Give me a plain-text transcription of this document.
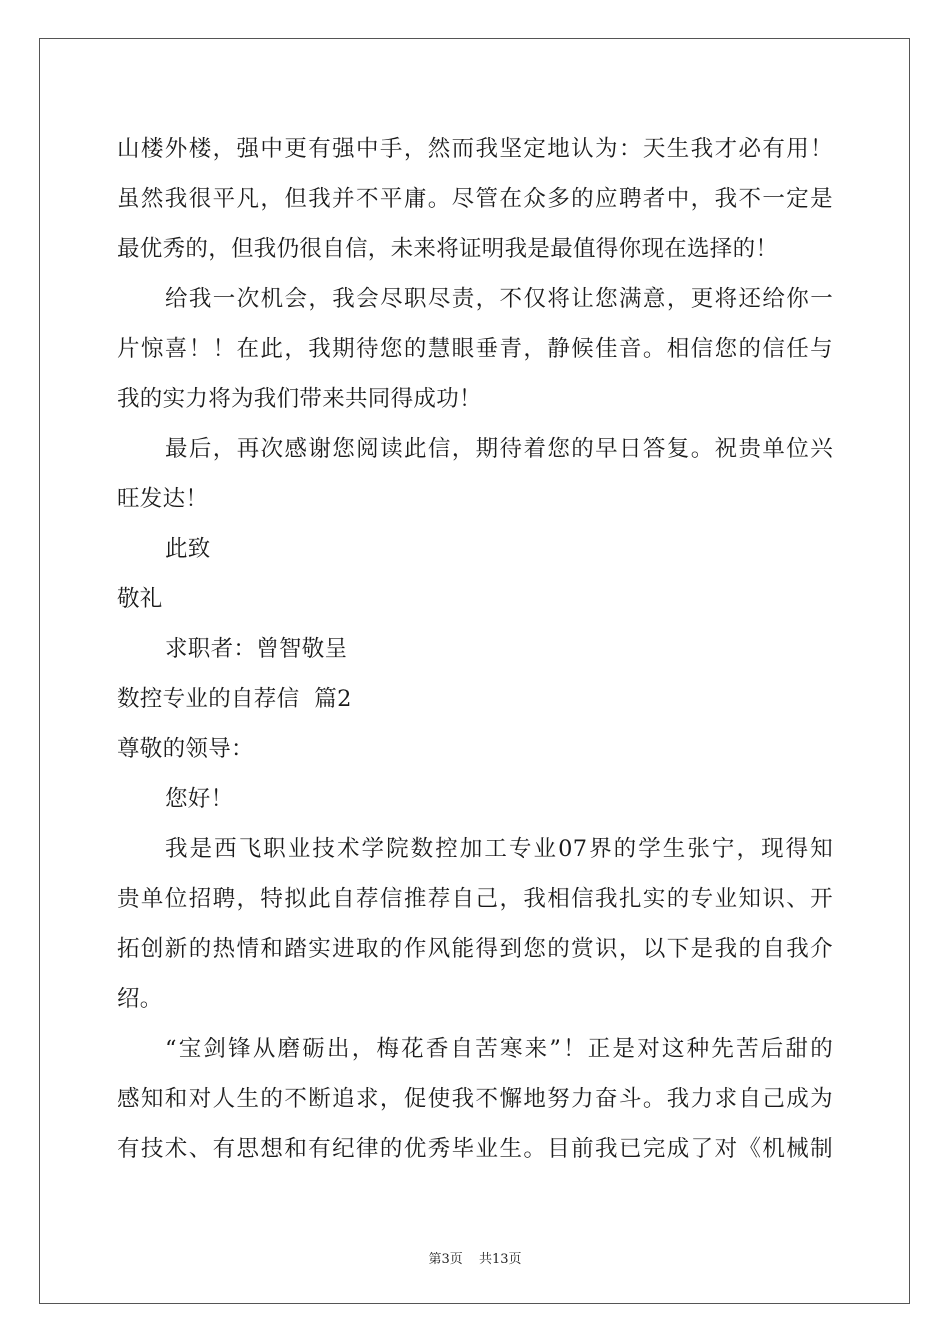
山楼外楼，强中更有强中手，然而我坚定地认为：天生我才必有用！
虽然我很平凡，但我并不平庸。尽管在众多的应聘者中，我不一定是
最优秀的，但我仍很自信，未来将证明我是最值得你现在选择的！
给我一次机会，我会尽职尽责，不仅将让您满意，更将还给你一
片惊喜！！在此，我期待您的慧眼垂青，静候佳音。相信您的信任与
我的实力将为我们带来共同得成功！
最后，再次感谢您阅读此信，期待着您的早日答复。祝贵单位兴
旺发达！
此致
敬礼
求职者：曾智敬呈
数控专业的自荐信  篇2
尊敬的领导：
您好！
我是西飞职业技术学院数控加工专业07界的学生张宁，现得知
贵单位招聘，特拟此自荐信推荐自己，我相信我扎实的专业知识、开
拓创新的热情和踏实进取的作风能得到您的赏识，以下是我的自我介
绍。
“宝剑锋从磨砺出，梅花香自苦寒来”！正是对这种先苦后甜的
感知和对人生的不断追求，促使我不懈地努力奋斗。我力求自己成为
有技术、有思想和有纪律的优秀毕业生。目前我已完成了对《机械制
第3页 共13页
